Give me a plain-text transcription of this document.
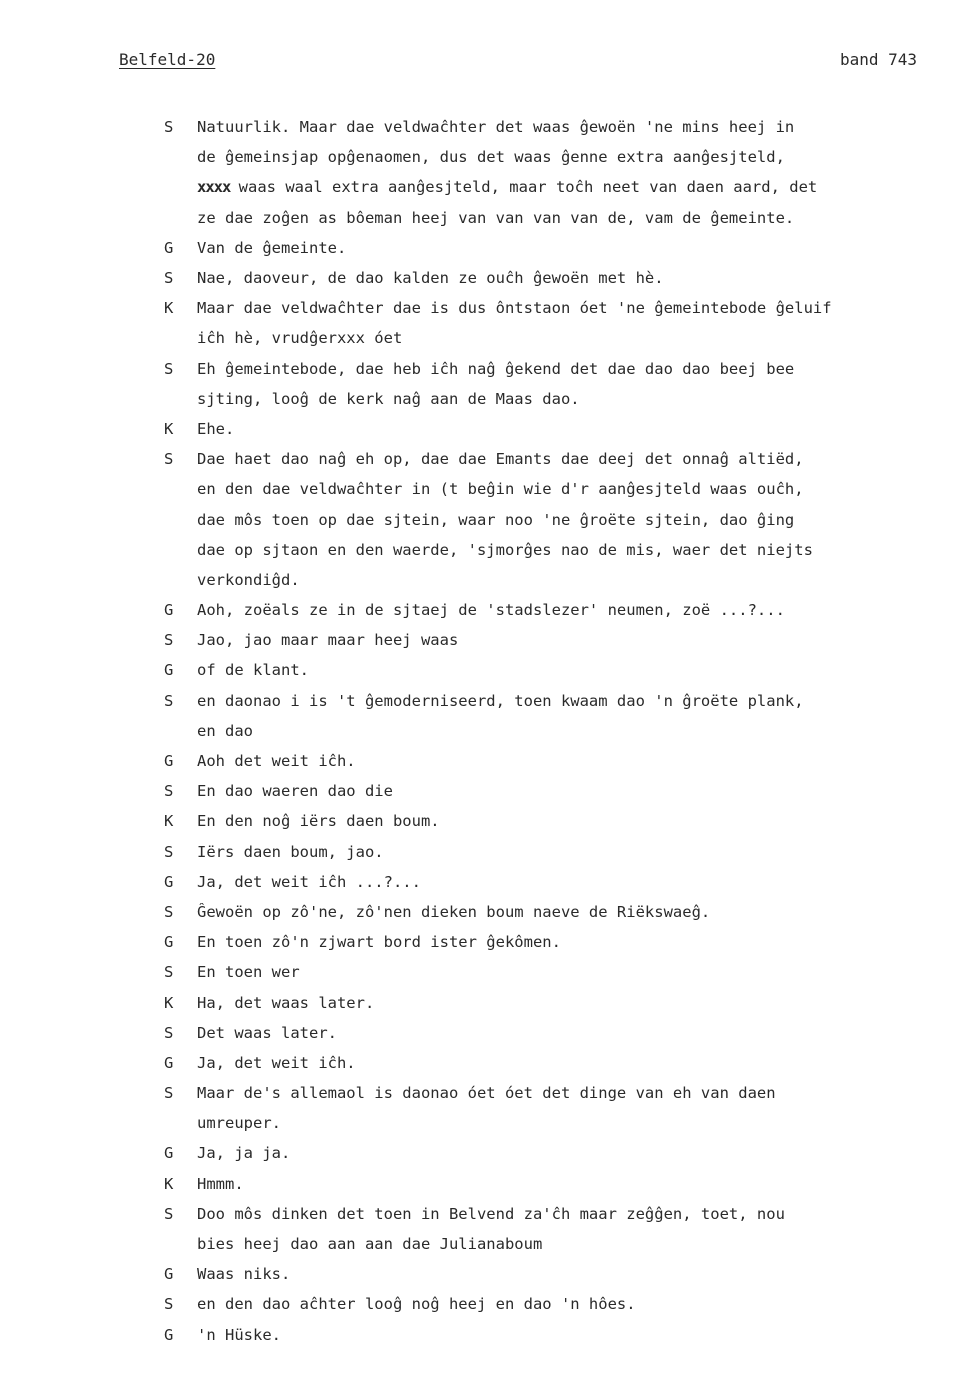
Belfeld-20	band 743
S	Natuurlik. Maar dae veldwaĉhter det waas ĝewoën 'ne mins heej in
de ĝemeinsjap opĝenaomen, dus det waas ĝenne extra aanĝesjteld,
xxxx waas waal extra aanĝesjteld, maar toĉh neet van daen aard, det
ze dae zoĝen as bôeman heej van van van van de, vam de ĝemeinte.
G	Van de ĝemeinte.
S	Nae, daoveur, de dao kalden ze ouĉh ĝewoën met hè.
K	Maar dae veldwaĉhter dae is dus ôntstaon óet 'ne ĝemeintebode ĝeluif
iĉh hè, vrudĝerxxx óet
S	Eh ĝemeintebode, dae heb iĉh naĝ ĝekend det dae dao dao beej bee
sjting, looĝ de kerk naĝ aan de Maas dao.
K	Ehe.
S	Dae haet dao naĝ eh op, dae dae Emants dae deej det onnaĝ altiëd,
en den dae veldwaĉhter in (t beĝin wie d'r aanĝesjteld waas ouĉh,
dae môs toen op dae sjtein, waar noo 'ne ĝroëte sjtein, dao ĝing
dae op sjtaon en den waerde, 'sjmorĝes nao de mis, waer det niejts
verkondiĝd.
G	Aoh, zoëals ze in de sjtaej de 'stadslezer' neumen, zoë ...?...
S	Jao, jao maar maar heej waas
G	of de klant.
S	en daonao i is 't ĝemoderniseerd, toen kwaam dao 'n ĝroëte plank,
en dao
G	Aoh det weit iĉh.
S	En dao waeren dao die
K	En den noĝ iërs daen boum.
S	Iërs daen boum, jao.
G	Ja, det weit iĉh ...?...
S	Ĝewoën op zô'ne, zô'nen dieken boum naeve de Riëkswaeĝ.
G	En toen zô'n zjwart bord ister ĝekômen.
S	En toen wer
K	Ha, det waas later.
S	Det waas later.
G	Ja, det weit iĉh.
S	Maar de's allemaol is daonao óet óet det dinge van eh van daen
umreuper.
G	Ja, ja ja.
K	Hmmm.
S	Doo môs dinken det toen in Belvend za'ĉh maar zeĝĝen, toet, nou
bies heej dao aan aan dae Julianaboum
G	Waas niks.
S	en den dao aĉhter looĝ noĝ heej en dao 'n hôes.
G	'n Hüske.
